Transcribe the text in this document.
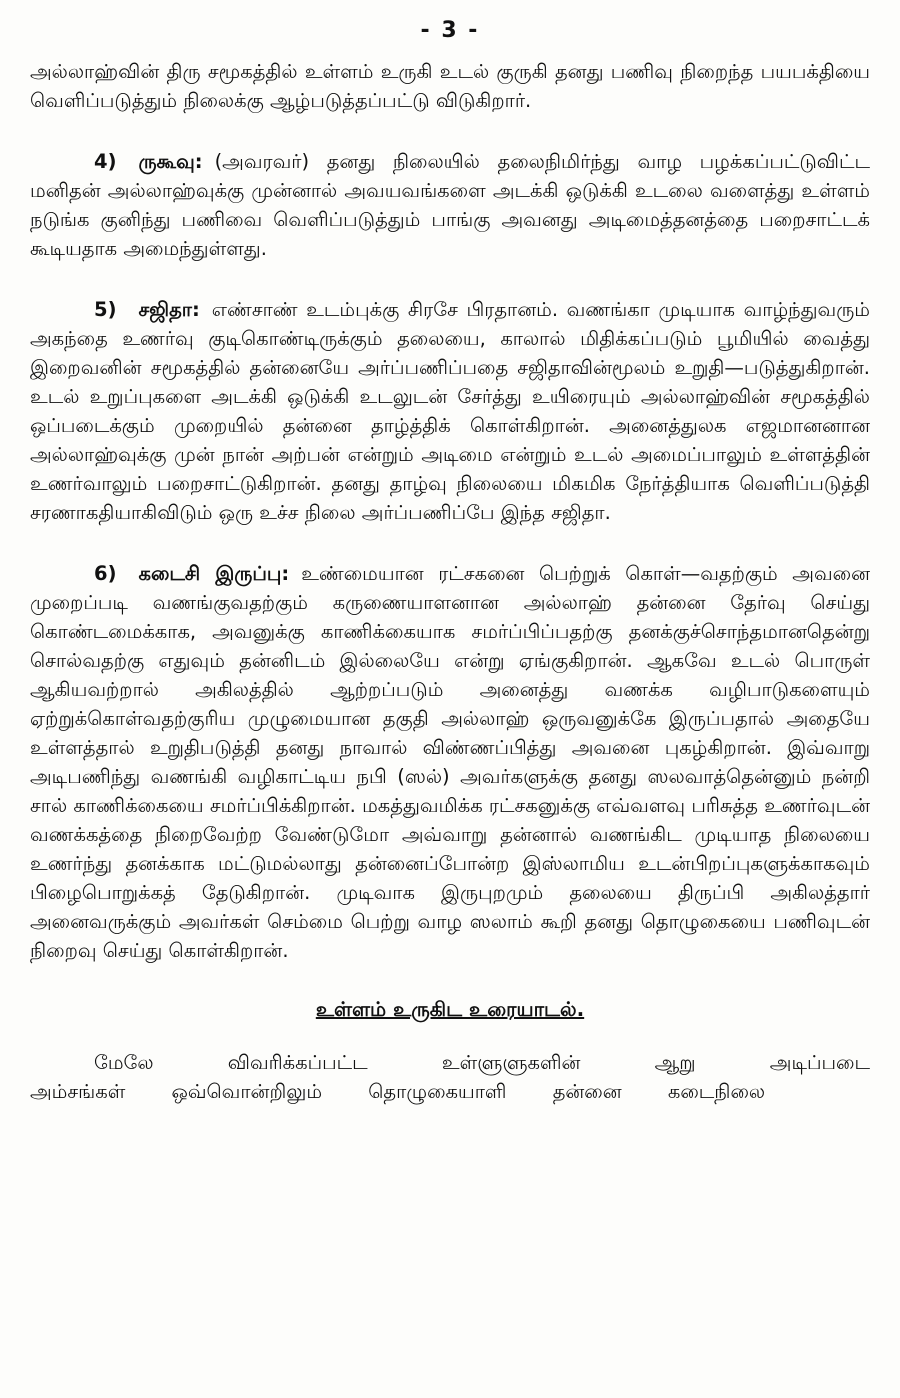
- 3 -

அல்லாஹ்வின் திரு சமூகத்தில் உள்ளம் உருகி உடல் குருகி தனது பணிவு நிறைந்த பயபக்தியை வெளிப்படுத்தும் நிலைக்கு ஆழ்படுத்தப்பட்டு விடுகிறார்.

4) ருகூவு: (அவரவர்) தனது நிலையில் தலைநிமிர்ந்து வாழ பழக்கப்பட்டுவிட்ட மனிதன் அல்லாஹ்வுக்கு முன்னால் அவயவங்களை அடக்கி ஒடுக்கி உடலை வளைத்து உள்ளம் நடுங்க குனிந்து பணிவை வெளிப்படுத்தும் பாங்கு அவனது அடிமைத்தனத்தை பறைசாட்டக் கூடியதாக அமைந்துள்ளது.

5) சஜிதா: எண்சாண் உடம்புக்கு சிரசே பிரதானம். வணங்கா முடியாக வாழ்ந்துவரும் அகந்தை உணர்வு குடிகொண்டிருக்கும் தலையை, காலால் மிதிக்கப்படும் பூமியில் வைத்து இறைவனின் சமூகத்தில் தன்னையே அர்ப்பணிப்பதை சஜிதாவின்மூலம் உறுதி—படுத்துகிறான். உடல் உறுப்புகளை அடக்கி ஒடுக்கி உடலுடன் சேர்த்து உயிரையும் அல்லாஹ்வின் சமூகத்தில் ஒப்படைக்கும் முறையில் தன்னை தாழ்த்திக் கொள்கிறான். அனைத்துலக எஜமானனான அல்லாஹ்வுக்கு முன் நான் அற்பன் என்றும் அடிமை என்றும் உடல் அமைப்பாலும் உள்ளத்தின் உணர்வாலும் பறைசாட்டுகிறான். தனது தாழ்வு நிலையை மிகமிக நேர்த்தியாக வெளிப்படுத்தி சரணாகதியாகிவிடும் ஒரு உச்ச நிலை அர்ப்பணிப்பே இந்த சஜிதா.

6) கடைசி இருப்பு: உண்மையான ரட்சகனை பெற்றுக் கொள்—வதற்கும் அவனை முறைப்படி வணங்குவதற்கும் கருணையாளனான அல்லாஹ் தன்னை தேர்வு செய்து கொண்டமைக்காக, அவனுக்கு காணிக்கையாக சமர்ப்பிப்பதற்கு தனக்குச்சொந்தமானதென்று சொல்வதற்கு எதுவும் தன்னிடம் இல்லையே என்று ஏங்குகிறான். ஆகவே உடல் பொருள் ஆகியவற்றால் அகிலத்தில் ஆற்றப்படும் அனைத்து வணக்க வழிபாடுகளையும் ஏற்றுக்கொள்வதற்குரிய முழுமையான தகுதி அல்லாஹ் ஒருவனுக்கே இருப்பதால் அதையே உள்ளத்தால் உறுதிபடுத்தி தனது நாவால் விண்ணப்பித்து அவனை புகழ்கிறான். இவ்வாறு அடிபணிந்து வணங்கி வழிகாட்டிய நபி (ஸல்) அவர்களுக்கு தனது ஸலவாத்தென்னும் நன்றி சால் காணிக்கையை சமர்ப்பிக்கிறான். மகத்துவமிக்க ரட்சகனுக்கு எவ்வளவு பரிசுத்த உணர்வுடன் வணக்கத்தை நிறைவேற்ற வேண்டுமோ அவ்வாறு தன்னால் வணங்கிட முடியாத நிலையை உணர்ந்து தனக்காக மட்டுமல்லாது தன்னைப்போன்ற இஸ்லாமிய உடன்பிறப்புகளுக்காகவும் பிழைபொறுக்கத் தேடுகிறான். முடிவாக இருபுறமும் தலையை திருப்பி அகிலத்தார் அனைவருக்கும் அவர்கள் செம்மை பெற்று வாழ ஸலாம் கூறி தனது தொழுகையை பணிவுடன் நிறைவு செய்து கொள்கிறான்.

உள்ளம் உருகிட உரையாடல்.

மேலே விவரிக்கப்பட்ட உள்ளுளுகளின் ஆறு அடிப்படை அம்சங்கள் ஒவ்வொன்றிலும் தொழுகையாளி தன்னை கடைநிலை
